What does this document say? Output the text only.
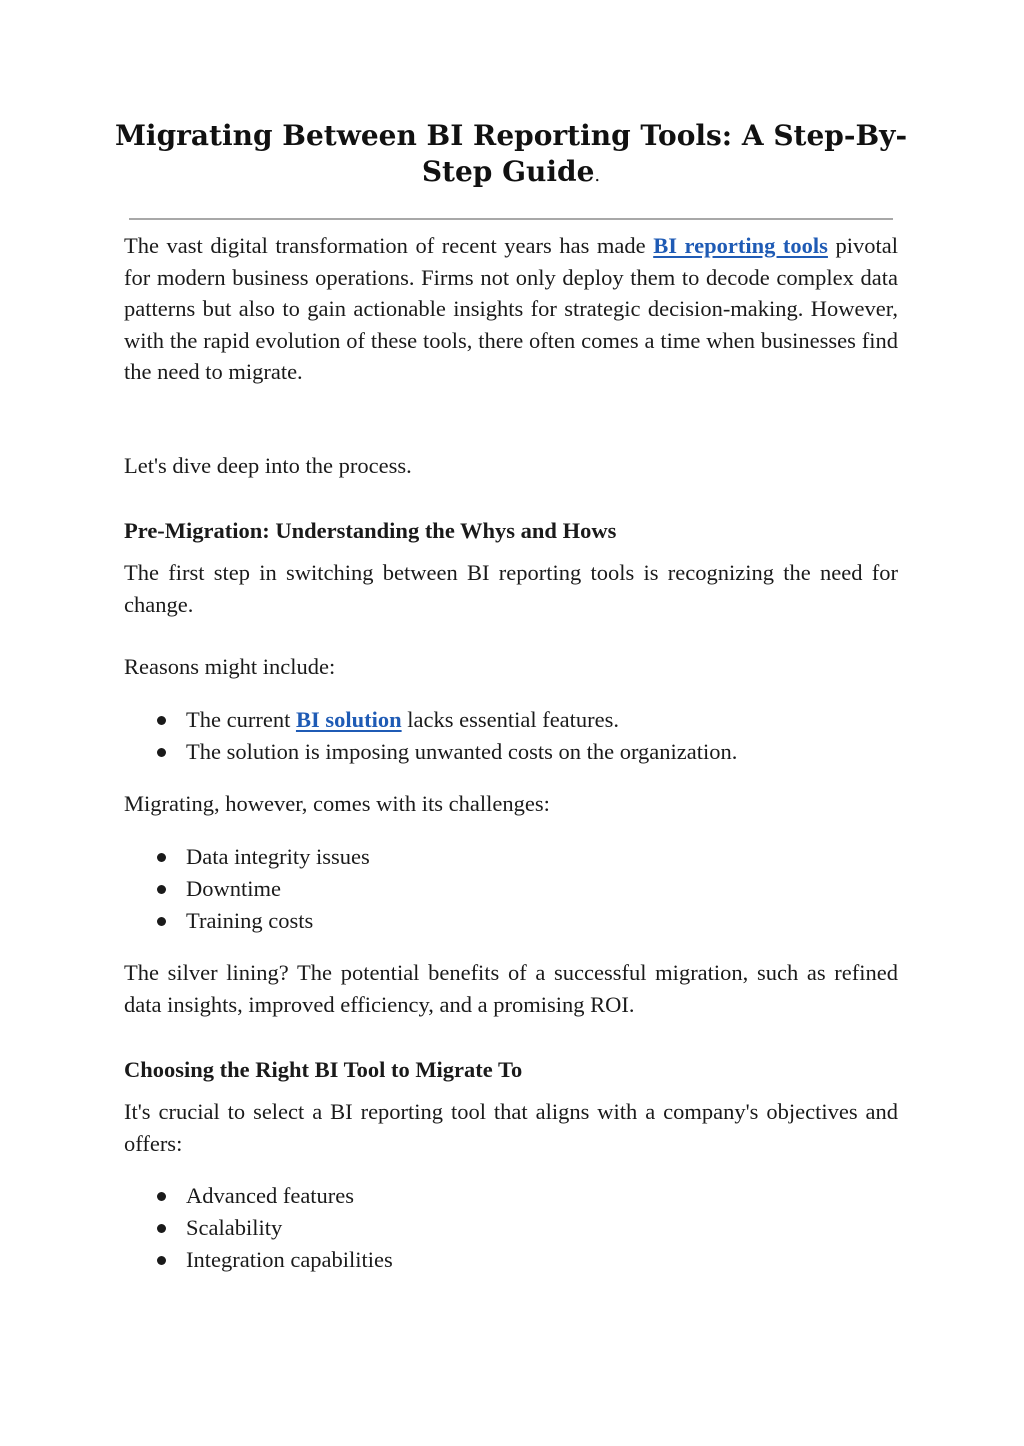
Migrating Between BI Reporting Tools: A Step-By-Step Guide.

The vast digital transformation of recent years has made BI reporting tools pivotal for modern business operations. Firms not only deploy them to decode complex data patterns but also to gain actionable insights for strategic decision-making. However, with the rapid evolution of these tools, there often comes a time when businesses find the need to migrate.

Let's dive deep into the process.

Pre-Migration: Understanding the Whys and Hows

The first step in switching between BI reporting tools is recognizing the need for change.

Reasons might include:

The current BI solution lacks essential features.
The solution is imposing unwanted costs on the organization.

Migrating, however, comes with its challenges:

Data integrity issues
Downtime
Training costs

The silver lining? The potential benefits of a successful migration, such as refined data insights, improved efficiency, and a promising ROI.

Choosing the Right BI Tool to Migrate To

It's crucial to select a BI reporting tool that aligns with a company's objectives and offers:

Advanced features
Scalability
Integration capabilities
